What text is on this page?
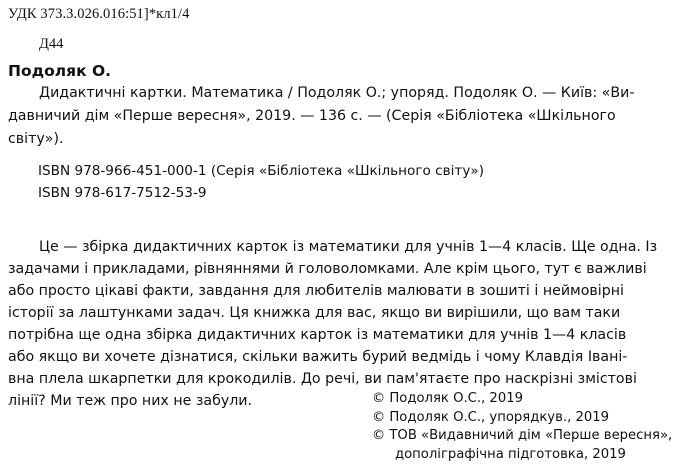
УДК 373.3.026.016:51]*кл1/4
Д44
Подоляк О.
Дидактичні картки. Математика / Подоляк О.; упоряд. Подоляк О. — Київ: «Ви-
давничий дім «Перше вересня», 2019. — 136 с. — (Серія «Бібліотека «Шкільного
світу»).
ISBN 978-966-451-000-1 (Серія «Бібліотека «Шкільного світу»)
ISBN 978-617-7512-53-9
Це — збірка дидактичних карток із математики для учнів 1—4 класів. Ще одна. Із
задачами і прикладами, рівняннями й головоломками. Але крім цього, тут є важливі
або просто цікаві факти, завдання для любителів малювати в зошиті і неймовірні
історії за лаштунками задач. Ця книжка для вас, якщо ви вирішили, що вам таки
потрібна ще одна збірка дидактичних карток із математики для учнів 1—4 класів
або якщо ви хочете дізнатися, скільки важить бурий ведмідь і чому Клавдія Івані-
вна плела шкарпетки для крокодилів. До речі, ви пам'ятаєте про наскрізні змістові
лінії? Ми теж про них не забули.	© Подоляк О.С., 2019
© Подоляк О.С., упорядкув., 2019
© ТОВ «Видавничий дім «Перше вересня»,
дополіграфічна підготовка, 2019
